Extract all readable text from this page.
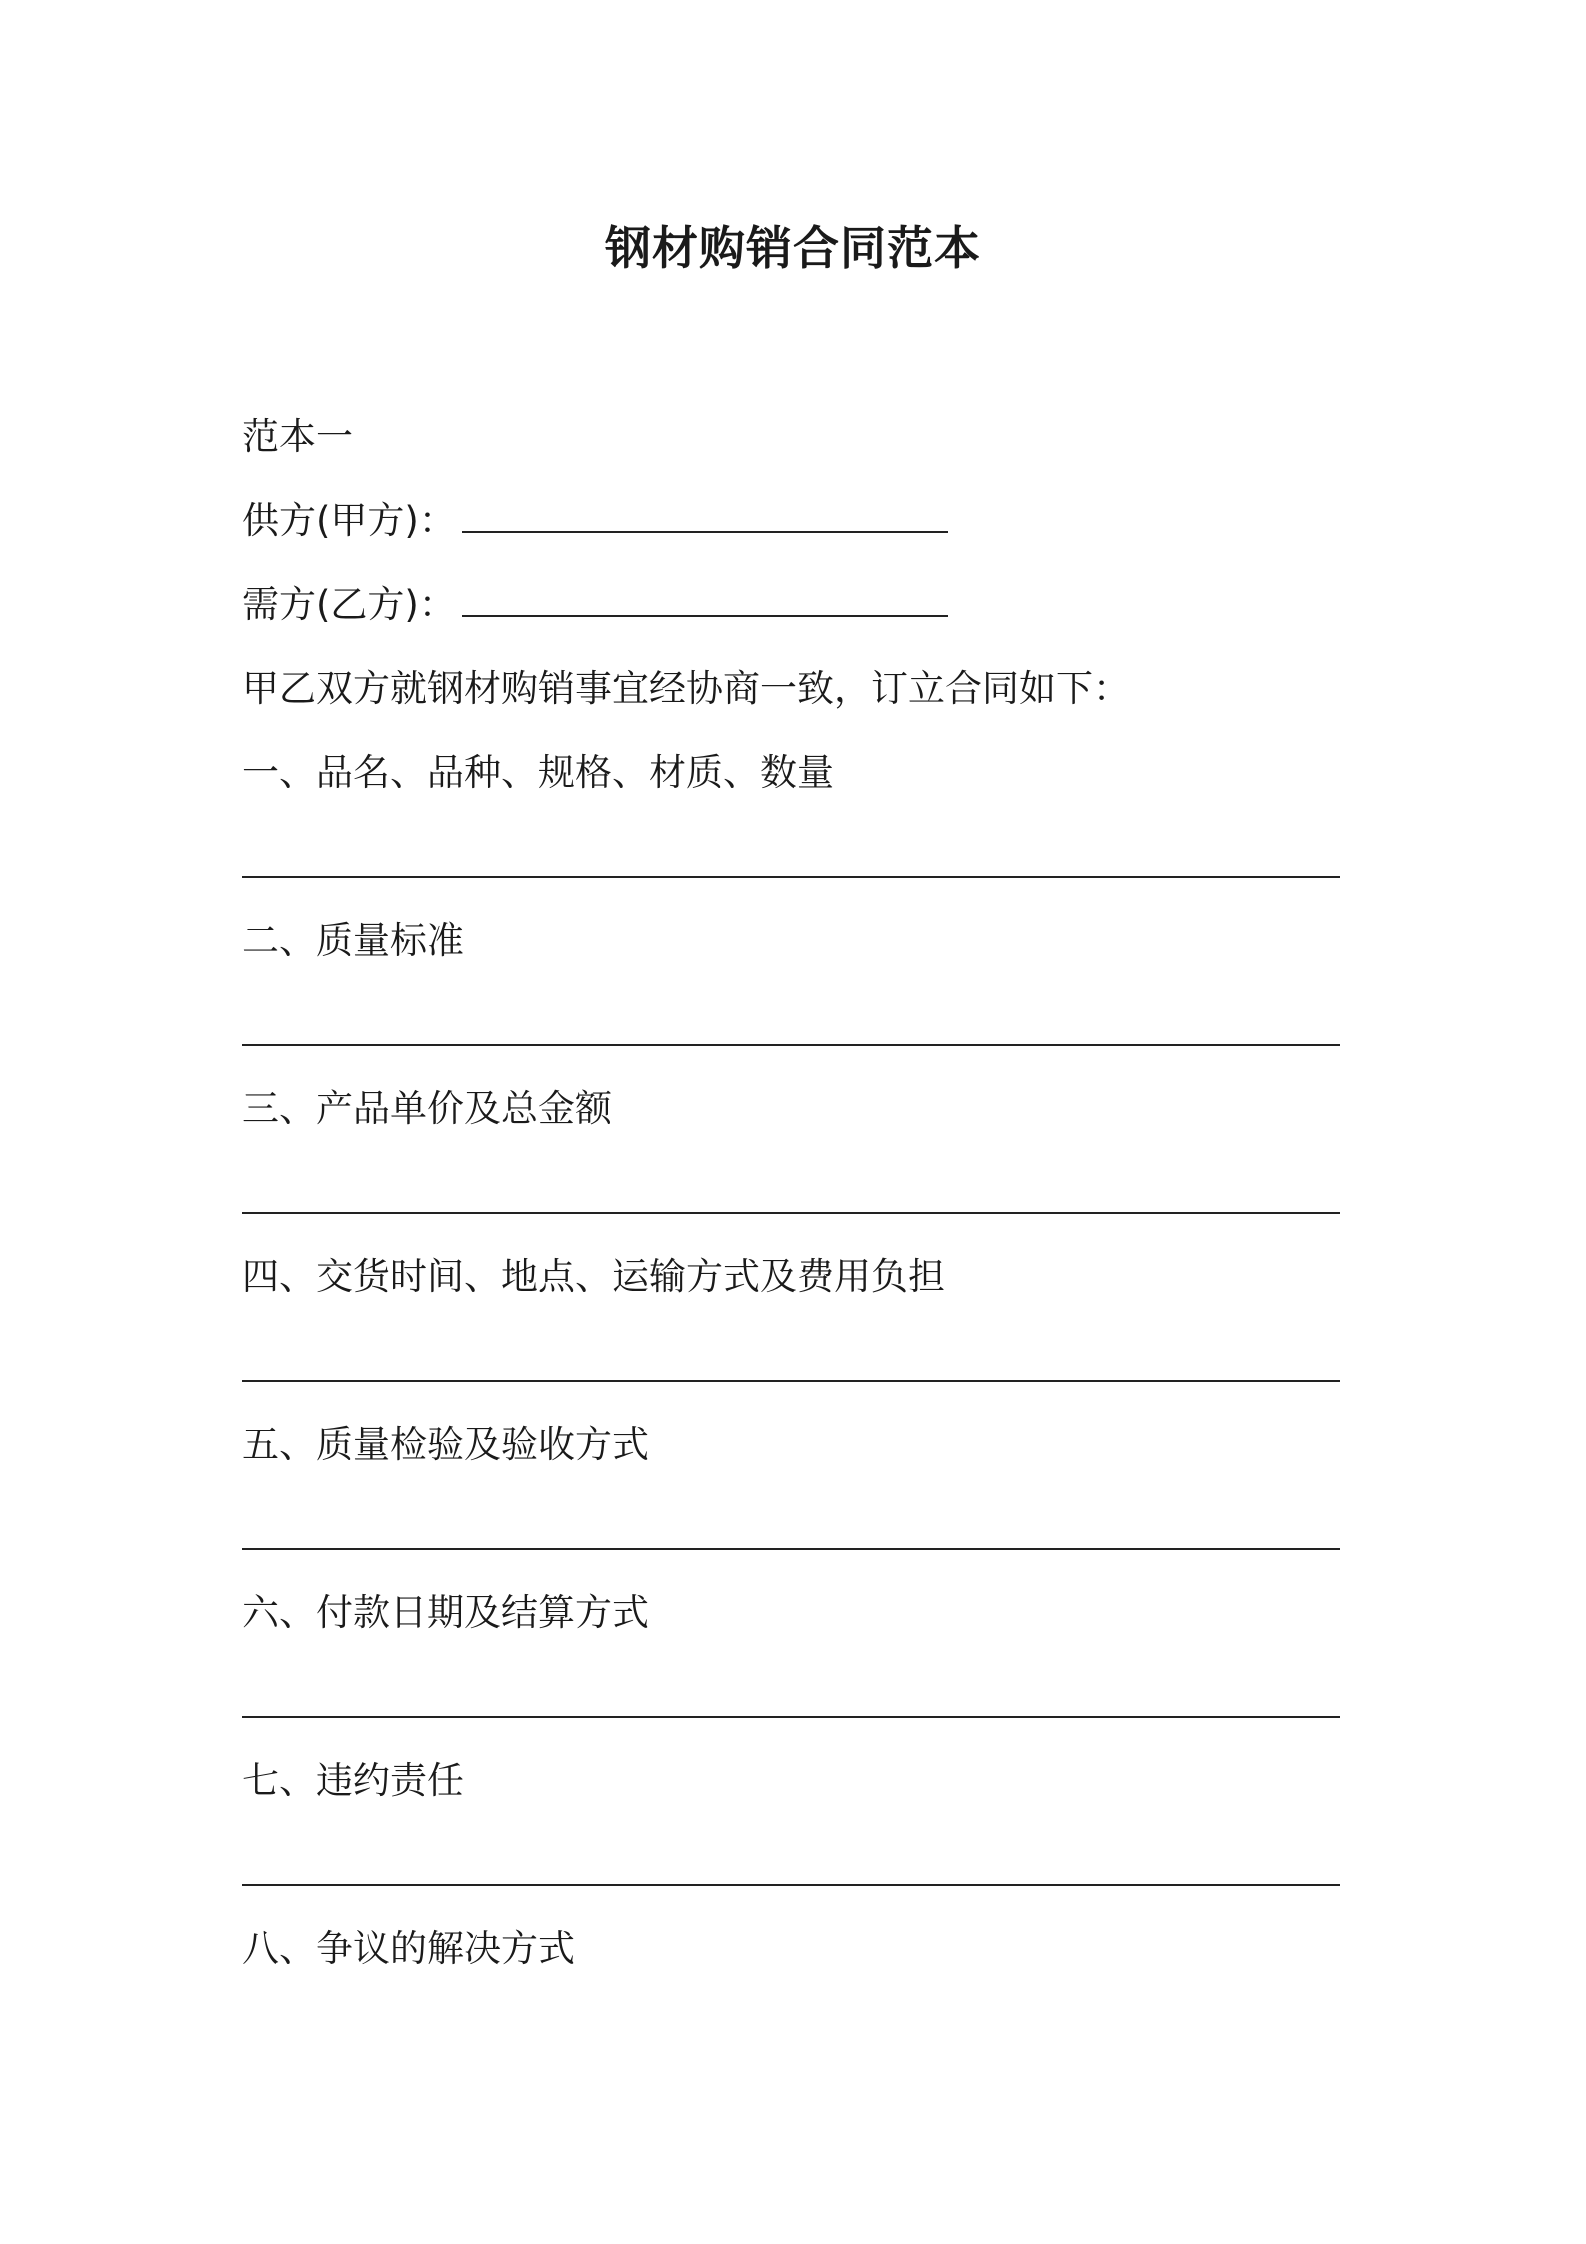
钢材购销合同范本
范本一
供方(甲方)：
需方(乙方)：
甲乙双方就钢材购销事宜经协商一致，订立合同如下：
一、品名、品种、规格、材质、数量
二、质量标准
三、产品单价及总金额
四、交货时间、地点、运输方式及费用负担
五、质量检验及验收方式
六、付款日期及结算方式
七、违约责任
八、争议的解决方式
